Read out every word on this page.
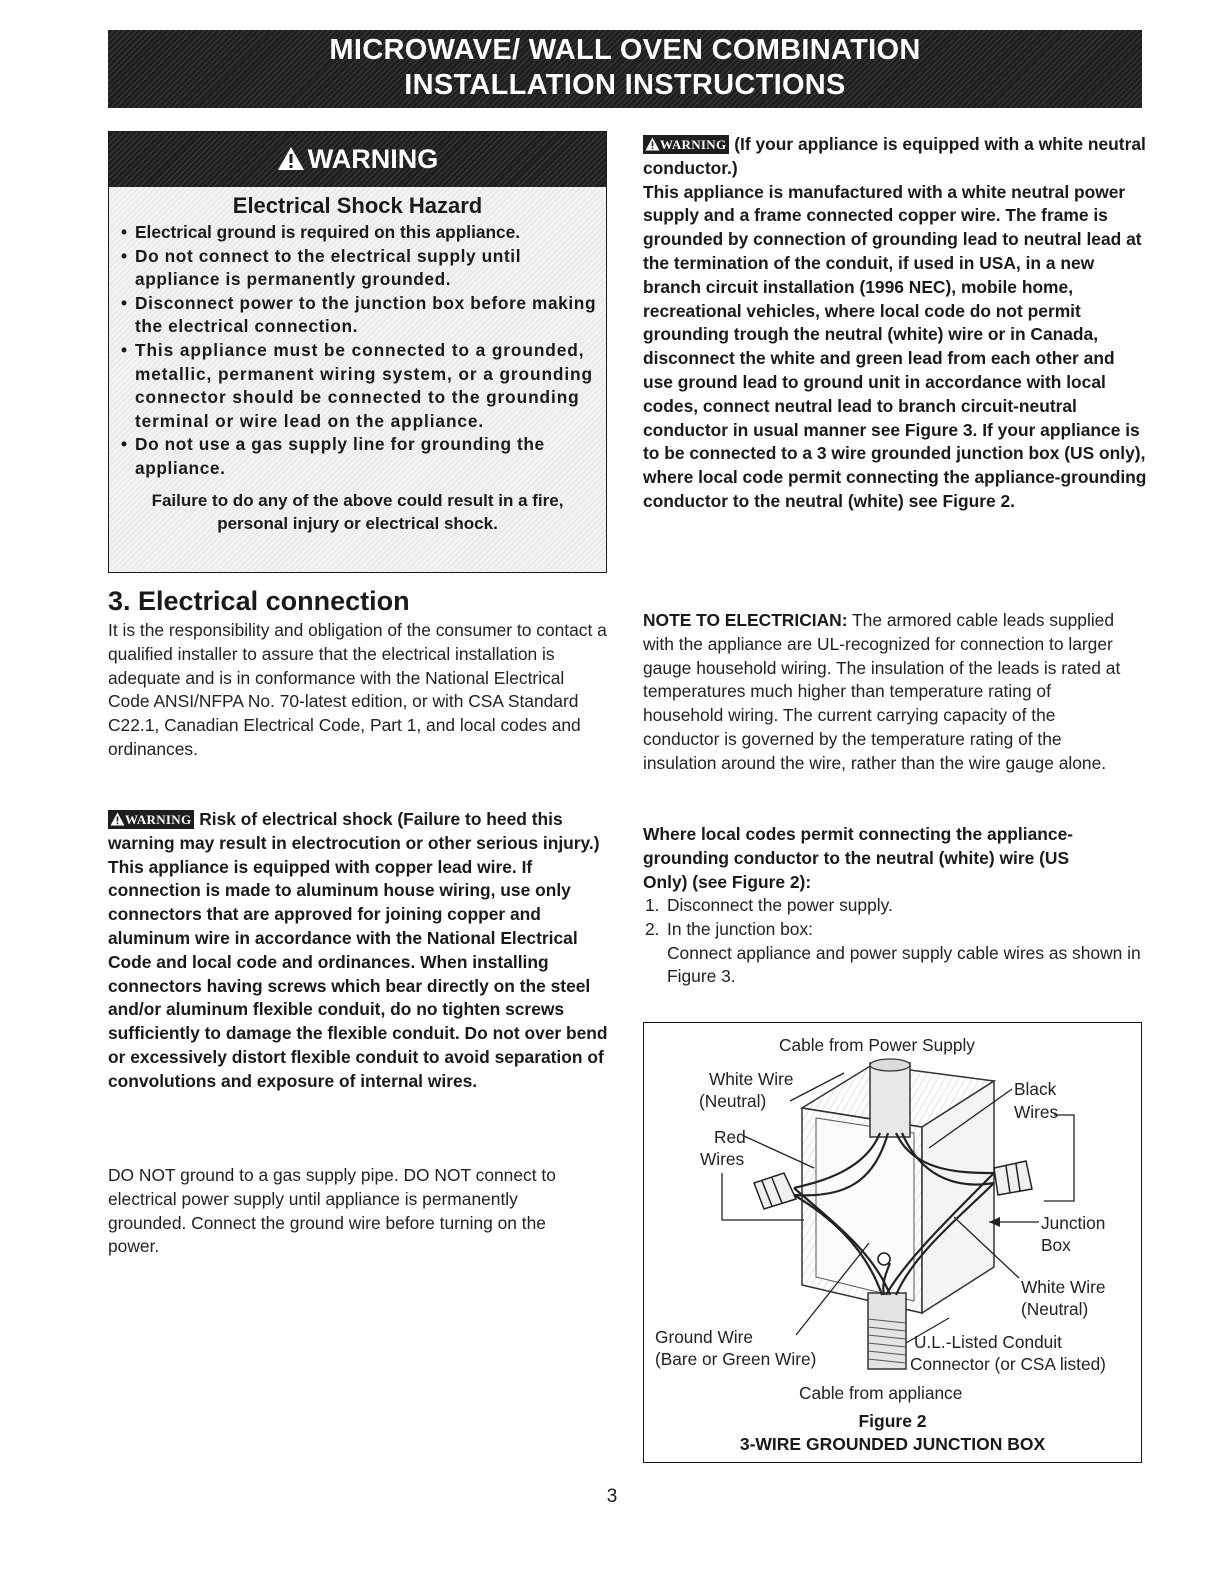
MICROWAVE/ WALL OVEN COMBINATION
INSTALLATION INSTRUCTIONS
WARNING
Electrical Shock Hazard
• Electrical ground is required on this appliance.
• Do not connect to the electrical supply until appliance is permanently grounded.
• Disconnect power to the junction box before making the electrical connection.
• This appliance must be connected to a grounded, metallic, permanent wiring system, or a grounding connector should be connected to the grounding terminal or wire lead on the appliance.
• Do not use a gas supply line for grounding the appliance.
Failure to do any of the above could result in a fire, personal injury or electrical shock.
3. Electrical connection

It is the responsibility and obligation of the consumer to contact a qualified installer to assure that the electrical installation is adequate and is in conformance with the National Electrical Code ANSI/NFPA No. 70-latest edition, or with CSA Standard C22.1, Canadian Electrical Code, Part 1, and local codes and ordinances.

WARNING Risk of electrical shock (Failure to heed this warning may result in electrocution or other serious injury.) This appliance is equipped with copper lead wire. If connection is made to aluminum house wiring, use only connectors that are approved for joining copper and aluminum wire in accordance with the National Electrical Code and local code and ordinances. When installing connectors having screws which bear directly on the steel and/or aluminum flexible conduit, do no tighten screws sufficiently to damage the flexible conduit. Do not over bend or excessively distort flexible conduit to avoid separation of convolutions and exposure of internal wires.

DO NOT ground to a gas supply pipe. DO NOT connect to electrical power supply until appliance is permanently grounded. Connect the ground wire before turning on the power.

WARNING (If your appliance is equipped with a white neutral conductor.)
This appliance is manufactured with a white neutral power supply and a frame connected copper wire. The frame is grounded by connection of grounding lead to neutral lead at the termination of the conduit, if used in USA, in a new branch circuit installation (1996 NEC), mobile home, recreational vehicles, where local code do not permit grounding trough the neutral (white) wire or in Canada, disconnect the white and green lead from each other and use ground lead to ground unit in accordance with local codes, connect neutral lead to branch circuit-neutral conductor in usual manner see Figure 3. If your appliance is to be connected to a 3 wire grounded junction box (US only), where local code permit connecting the appliance-grounding conductor to the neutral (white) see Figure 2.

NOTE TO ELECTRICIAN: The armored cable leads supplied with the appliance are UL-recognized for connection to larger gauge household wiring. The insulation of the leads is rated at temperatures much higher than temperature rating of household wiring. The current carrying capacity of the conductor is governed by the temperature rating of the insulation around the wire, rather than the wire gauge alone.

Where local codes permit connecting the appliance-grounding conductor to the neutral (white) wire (US Only) (see Figure 2):

1. Disconnect the power supply.
2. In the junction box:
Connect appliance and power supply cable wires as shown in Figure 3.
Cable from Power Supply
White Wire
(Neutral)
Red
Wires
Black
Wires
Junction
Box
White Wire
(Neutral)
Ground Wire
(Bare or Green Wire)
U.L.-Listed Conduit
Connector (or CSA listed)
Cable from appliance
Figure 2
3-WIRE GROUNDED JUNCTION BOX
3
